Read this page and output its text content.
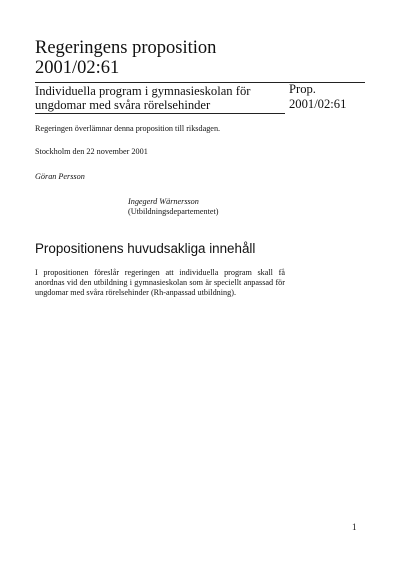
Regeringens proposition
2001/02:61
Individuella program i gymnasieskolan för ungdomar med svåra rörelsehinder
Prop.
2001/02:61
Regeringen överlämnar denna proposition till riksdagen.
Stockholm den 22 november 2001
Göran Persson
Ingegerd Wärnersson
(Utbildningsdepartementet)
Propositionens huvudsakliga innehåll
I propositionen föreslår regeringen att individuella program skall få anordnas vid den utbildning i gymnasieskolan som är speciellt anpassad för ungdomar med svåra rörelsehinder (Rh-anpassad utbildning).
1
